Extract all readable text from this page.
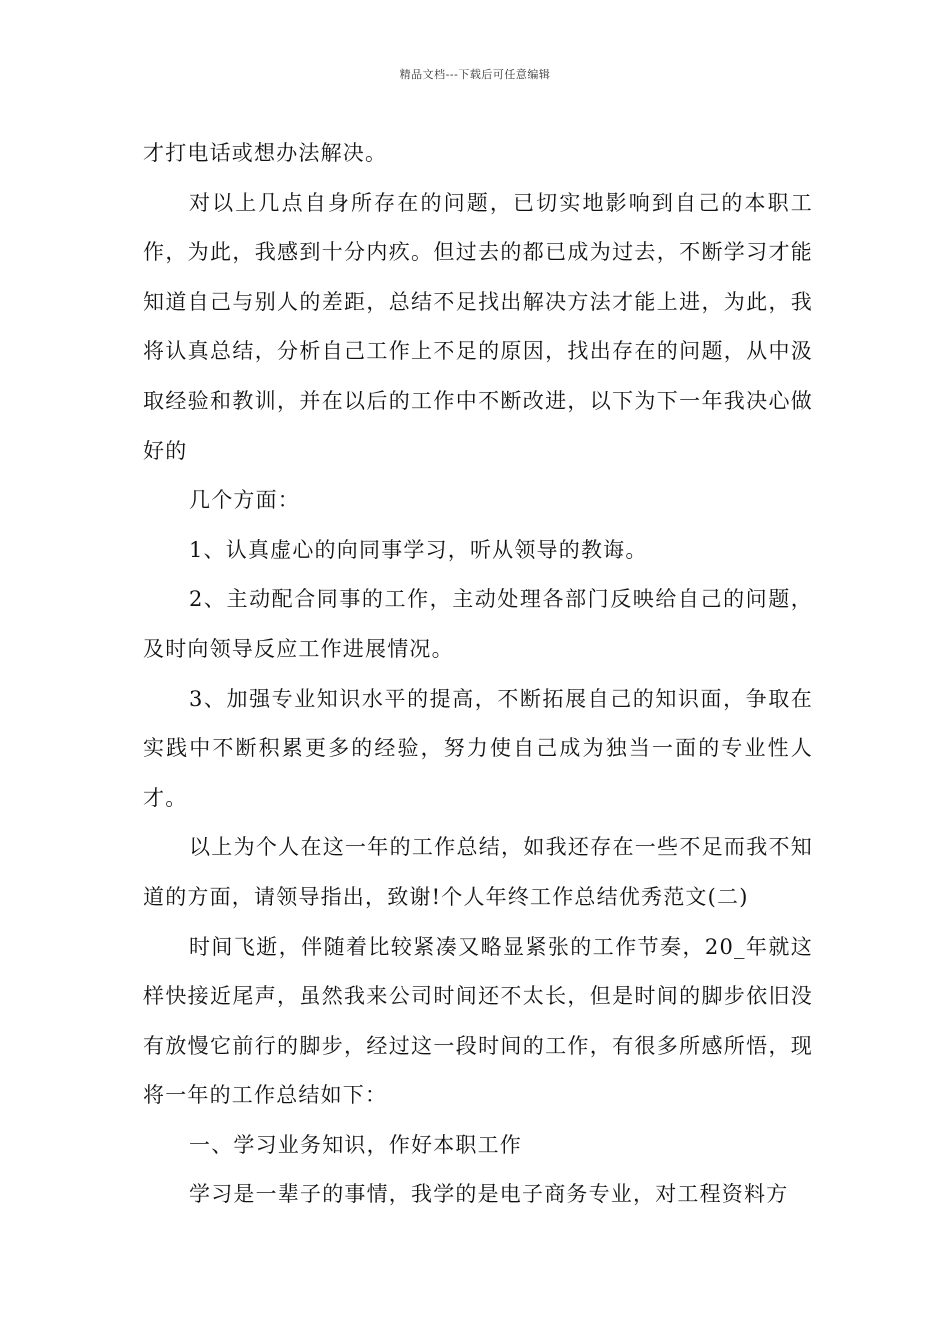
精品文档---下载后可任意编辑

才打电话或想办法解决。

对以上几点自身所存在的问题，已切实地影响到自己的本职工作，为此，我感到十分内疚。但过去的都已成为过去，不断学习才能知道自己与别人的差距，总结不足找出解决方法才能上进，为此，我将认真总结，分析自己工作上不足的原因，找出存在的问题，从中汲取经验和教训，并在以后的工作中不断改进，以下为下一年我决心做好的

几个方面：

1、认真虚心的向同事学习，听从领导的教诲。

2、主动配合同事的工作，主动处理各部门反映给自己的问题，及时向领导反应工作进展情况。

3、加强专业知识水平的提高，不断拓展自己的知识面，争取在实践中不断积累更多的经验，努力使自己成为独当一面的专业性人才。

以上为个人在这一年的工作总结，如我还存在一些不足而我不知道的方面，请领导指出，致谢!个人年终工作总结优秀范文(二)

时间飞逝，伴随着比较紧凑又略显紧张的工作节奏，20_年就这样快接近尾声，虽然我来公司时间还不太长，但是时间的脚步依旧没有放慢它前行的脚步，经过这一段时间的工作，有很多所感所悟，现将一年的工作总结如下：

一、学习业务知识，作好本职工作

学习是一辈子的事情，我学的是电子商务专业，对工程资料方
